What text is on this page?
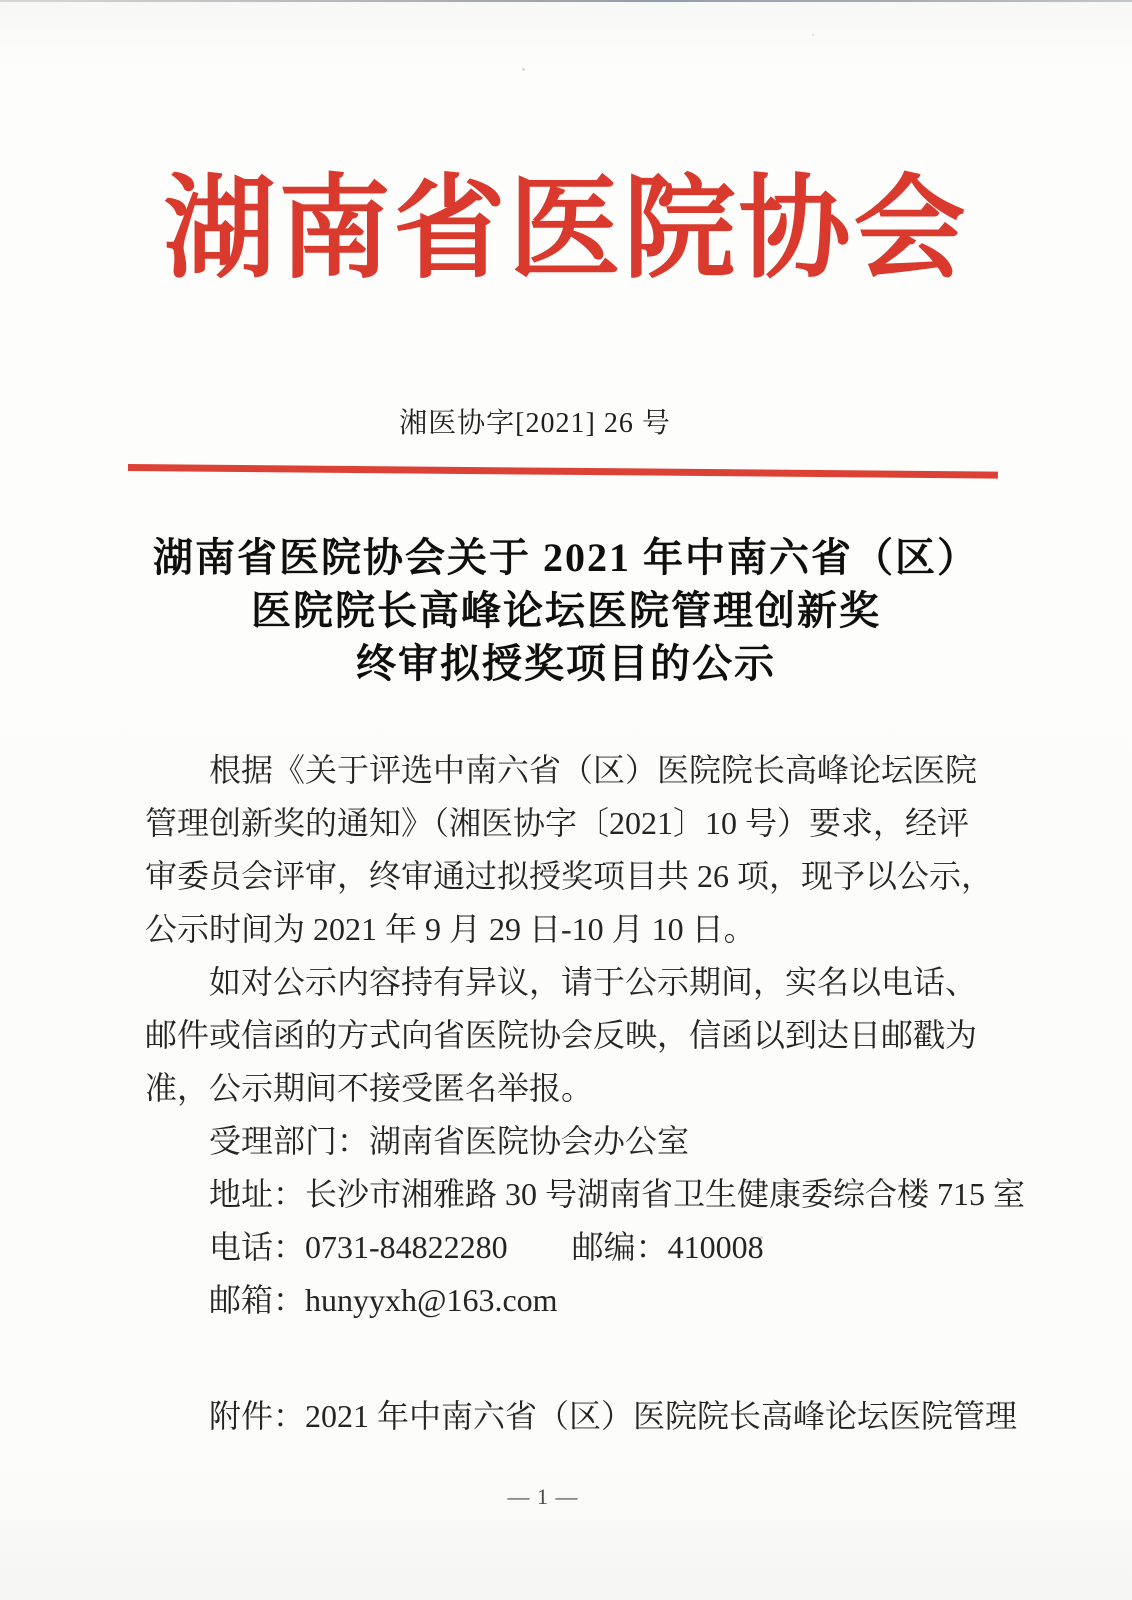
湖南省医院协会
湘医协字[2021] 26 号
湖南省医院协会关于 2021 年中南六省（区）
医院院长高峰论坛医院管理创新奖
终审拟授奖项目的公示
根据《关于评选中南六省（区）医院院长高峰论坛医院
管理创新奖的通知》（湘医协字〔2021〕10 号）要求，经评
审委员会评审，终审通过拟授奖项目共 26 项，现予以公示，
公示时间为 2021 年 9 月 29 日-10 月 10 日。
如对公示内容持有异议，请于公示期间，实名以电话、
邮件或信函的方式向省医院协会反映，信函以到达日邮戳为
准，公示期间不接受匿名举报。
受理部门：湖南省医院协会办公室
地址：长沙市湘雅路 30 号湖南省卫生健康委综合楼 715 室
电话：0731-84822280　　邮编：410008
邮箱：hunyyxh@163.com
附件：2021 年中南六省（区）医院院长高峰论坛医院管理
— 1 —
